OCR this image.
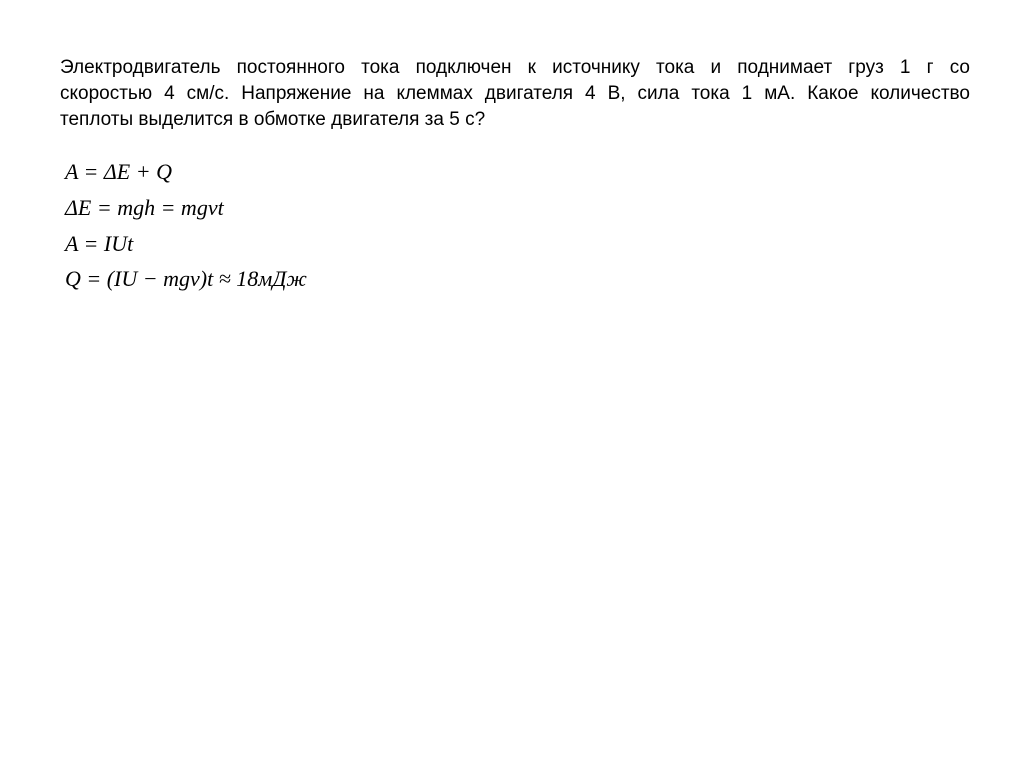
Электродвигатель постоянного тока подключен к источнику тока и поднимает груз 1 г со
скоростью 4 см/с. Напряжение на клеммах двигателя 4 В, сила тока 1 мА. Какое количество
теплоты выделится в обмотке двигателя за 5 с?

A = ΔE + Q
ΔE = mgh = mgvt
A = IUt
Q = (IU − mgv)t ≈ 18мДж
